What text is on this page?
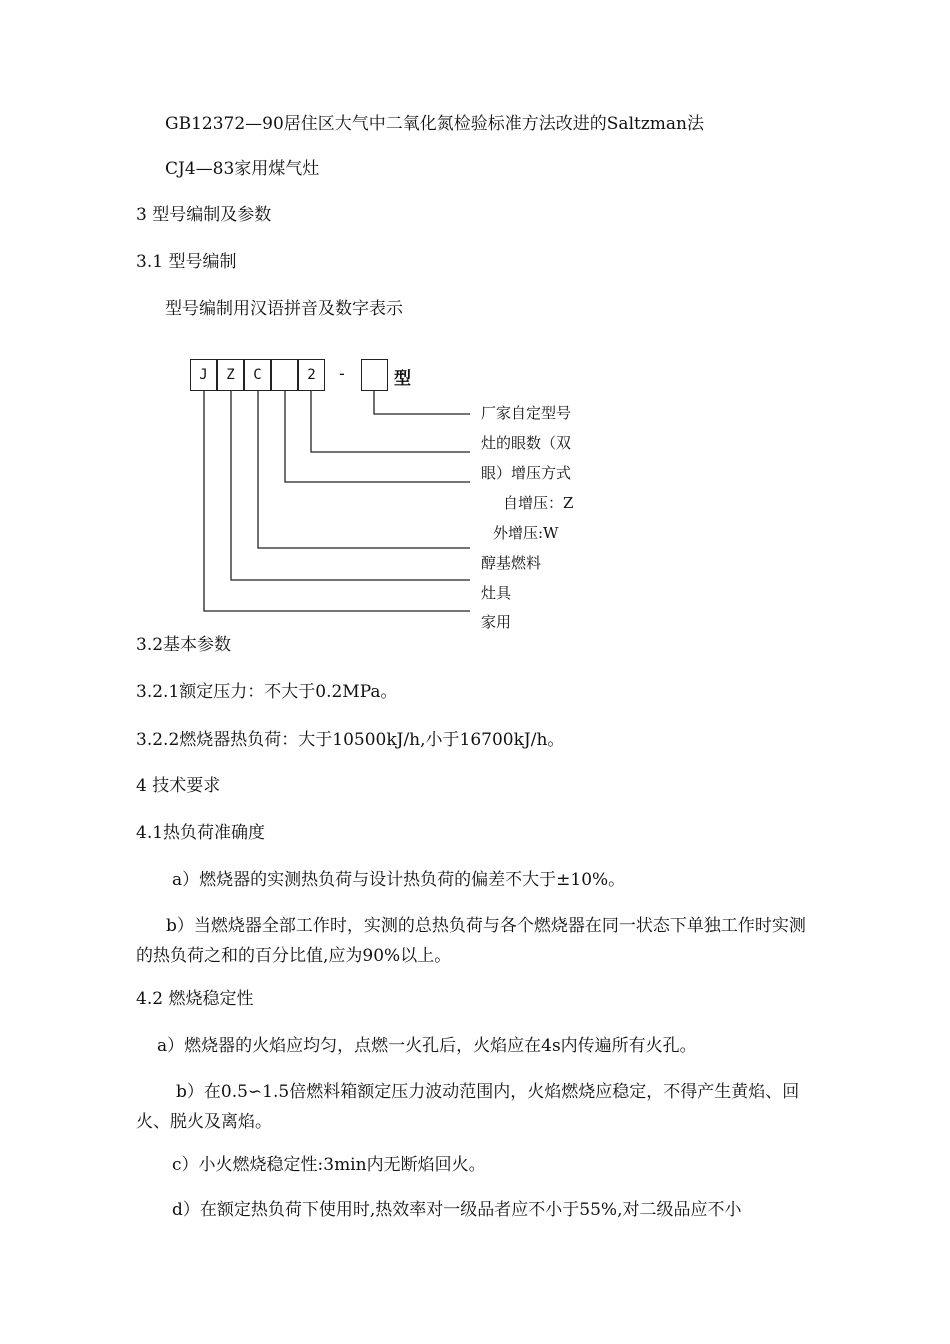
GB12372—90居住区大气中二氧化氮检验标准方法改进的Saltzman法
CJ4—83家用煤气灶
3 型号编制及参数
3.1 型号编制
型号编制用汉语拼音及数字表示
J	Z	C	2	-	型
厂家自定型号
灶的眼数（双
眼）增压方式
自增压：Z
外增压:W
醇基燃料
灶具
家用
3.2基本参数
3.2.1额定压力：不大于0.2MPa。
3.2.2燃烧器热负荷：大于10500kJ/h,小于16700kJ/h。
4 技术要求
4.1热负荷准确度
a）燃烧器的实测热负荷与设计热负荷的偏差不大于±10%。
b）当燃烧器全部工作时，实测的总热负荷与各个燃烧器在同一状态下单独工作时实测的热负荷之和的百分比值,应为90%以上。
4.2 燃烧稳定性
a）燃烧器的火焰应均匀，点燃一火孔后，火焰应在4s内传遍所有火孔。
b）在0.5∽1.5倍燃料箱额定压力波动范围内，火焰燃烧应稳定，不得产生黄焰、回火、脱火及离焰。
c）小火燃烧稳定性:3min内无断焰回火。
d）在额定热负荷下使用时,热效率对一级品者应不小于55%,对二级品应不小
